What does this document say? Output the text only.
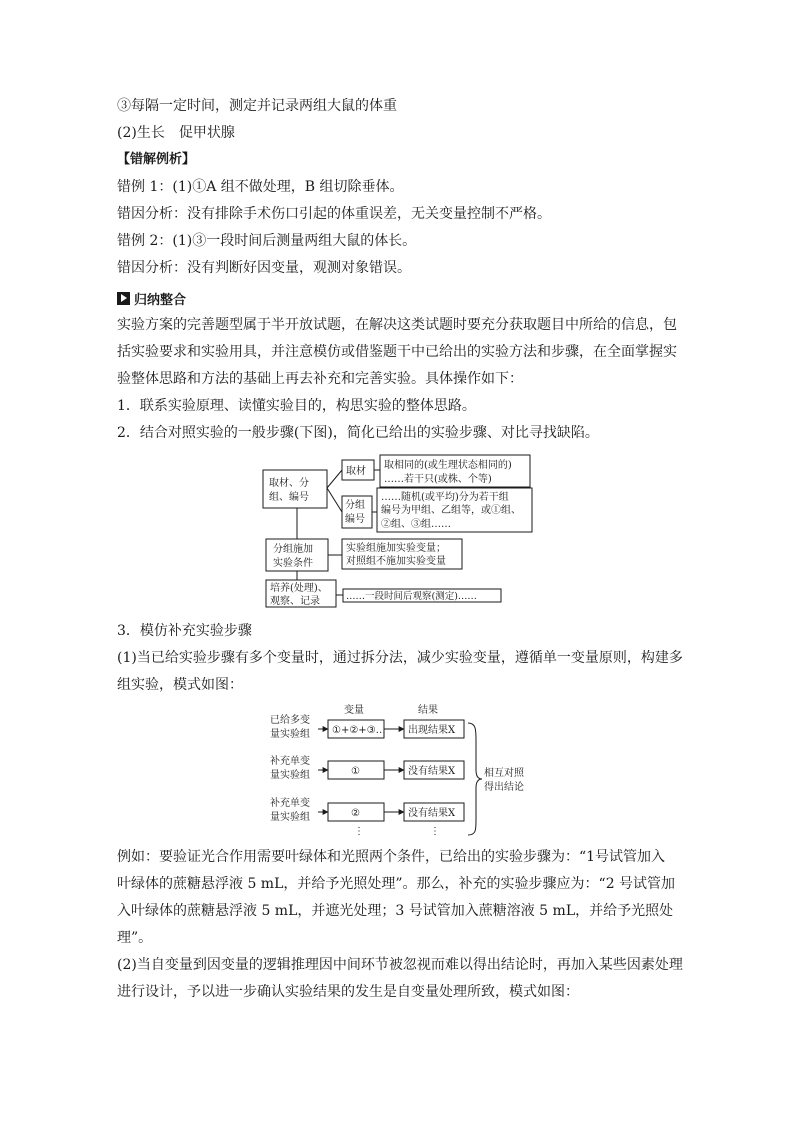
③每隔一定时间，测定并记录两组大鼠的体重
(2)生长　促甲状腺
【错解例析】
错例 1：(1)①A 组不做处理，B 组切除垂体。
错因分析：没有排除手术伤口引起的体重误差，无关变量控制不严格。
错例 2：(1)③一段时间后测量两组大鼠的体长。
错因分析：没有判断好因变量，观测对象错误。
归纳整合
实验方案的完善题型属于半开放试题，在解决这类试题时要充分获取题目中所给的信息，包
括实验要求和实验用具，并注意模仿或借鉴题干中已给出的实验方法和步骤，在全面掌握实
验整体思路和方法的基础上再去补充和完善实验。具体操作如下：
1．联系实验原理、读懂实验目的，构思实验的整体思路。
2．结合对照实验的一般步骤(下图)，简化已给出的实验步骤、对比寻找缺陷。
取材、分
组、编号
取材
取相同的(或生理状态相同的)
……若干只(或株、个等)
分组
编号
……随机(或平均)分为若干组
编号为甲组、乙组等，或①组、
②组、③组……
分组施加
实验条件
实验组施加实验变量；
对照组不施加实验变量
培养(处理)、
观察、记录	……一段时间后观察(测定)……
3．模仿补充实验步骤
(1)当已给实验步骤有多个变量时，通过拆分法，减少实验变量，遵循单一变量原则，构建多
组实验，模式如图：
变量	结果
已给多变
量实验组
补充单变
量实验组
补充单变
量实验组
①+②+③… 出现结果X
①	没有结果X
②	没有结果X
⋮	⋮
相互对照
得出结论
例如：要验证光合作用需要叶绿体和光照两个条件，已给出的实验步骤为：“1号试管加入
叶绿体的蔗糖悬浮液 5 mL，并给予光照处理”。那么，补充的实验步骤应为：“2 号试管加
入叶绿体的蔗糖悬浮液 5 mL，并遮光处理；3 号试管加入蔗糖溶液 5 mL，并给予光照处
理”。
(2)当自变量到因变量的逻辑推理因中间环节被忽视而难以得出结论时，再加入某些因素处理
进行设计，予以进一步确认实验结果的发生是自变量处理所致，模式如图：
